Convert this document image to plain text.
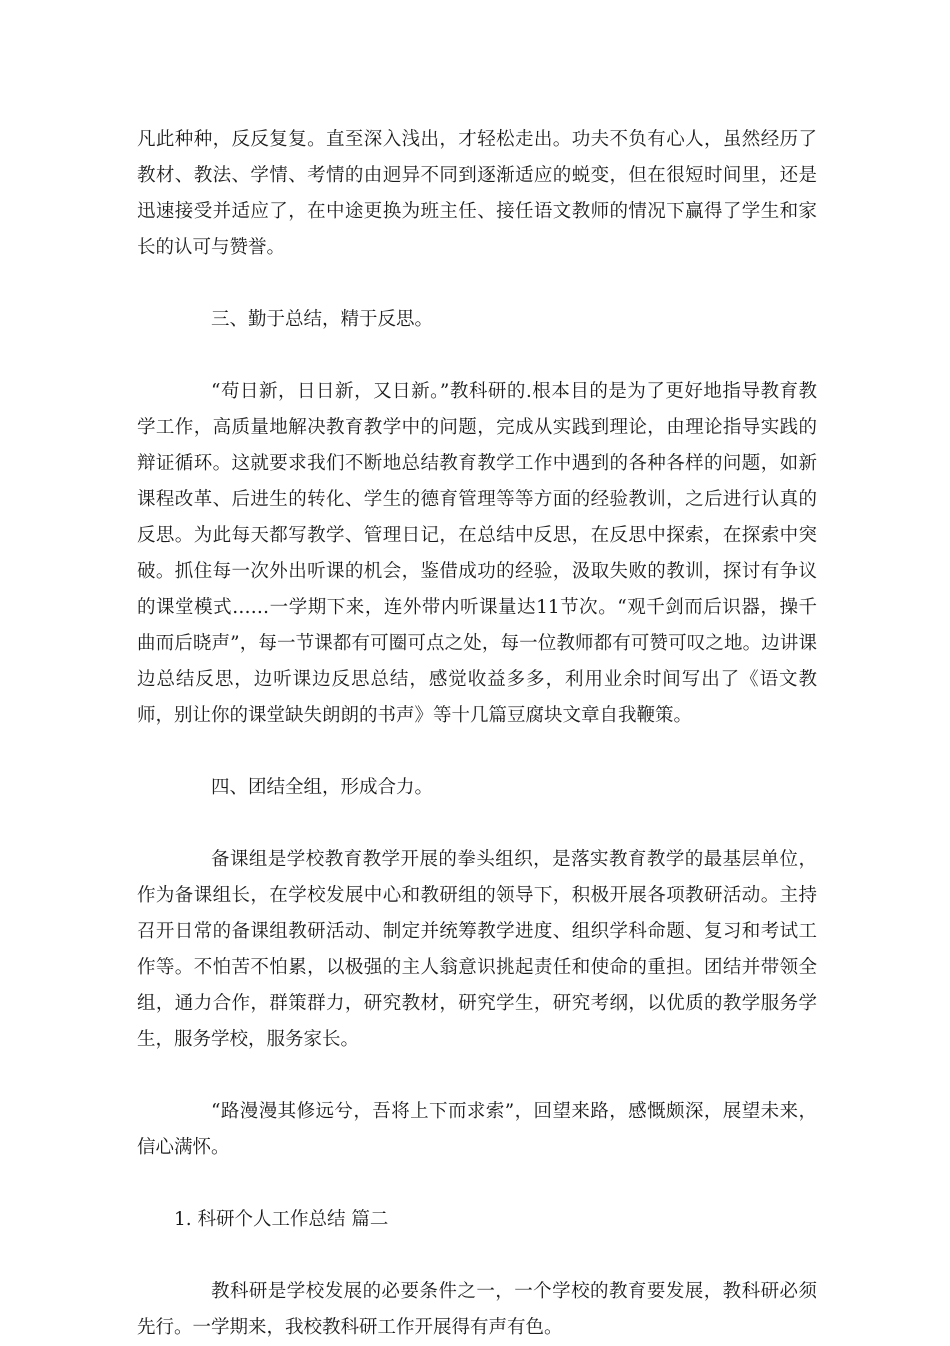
凡此种种，反反复复。直至深入浅出，才轻松走出。功夫不负有心人，虽然经历了教材、教法、学情、考情的由迥异不同到逐渐适应的蜕变，但在很短时间里，还是迅速接受并适应了，在中途更换为班主任、接任语文教师的情况下赢得了学生和家长的认可与赞誉。

三、勤于总结，精于反思。

“苟日新，日日新，又日新。”教科研的.根本目的是为了更好地指导教育教学工作，高质量地解决教育教学中的问题，完成从实践到理论，由理论指导实践的辩证循环。这就要求我们不断地总结教育教学工作中遇到的各种各样的问题，如新课程改革、后进生的转化、学生的德育管理等等方面的经验教训，之后进行认真的反思。为此每天都写教学、管理日记，在总结中反思，在反思中探索，在探索中突破。抓住每一次外出听课的机会，鉴借成功的经验，汲取失败的教训，探讨有争议的课堂模式……一学期下来，连外带内听课量达11节次。“观千剑而后识器，操千曲而后晓声”，每一节课都有可圈可点之处，每一位教师都有可赞可叹之地。边讲课边总结反思，边听课边反思总结，感觉收益多多，利用业余时间写出了《语文教师，别让你的课堂缺失朗朗的书声》等十几篇豆腐块文章自我鞭策。

四、团结全组，形成合力。

备课组是学校教育教学开展的拳头组织，是落实教育教学的最基层单位，作为备课组长，在学校发展中心和教研组的领导下，积极开展各项教研活动。主持召开日常的备课组教研活动、制定并统筹教学进度、组织学科命题、复习和考试工作等。不怕苦不怕累，以极强的主人翁意识挑起责任和使命的重担。团结并带领全组，通力合作，群策群力，研究教材，研究学生，研究考纲，以优质的教学服务学生，服务学校，服务家长。

“路漫漫其修远兮，吾将上下而求索”，回望来路，感慨颇深，展望未来，信心满怀。

1. 科研个人工作总结 篇二

教科研是学校发展的必要条件之一，一个学校的教育要发展，教科研必须先行。一学期来，我校教科研工作开展得有声有色。
